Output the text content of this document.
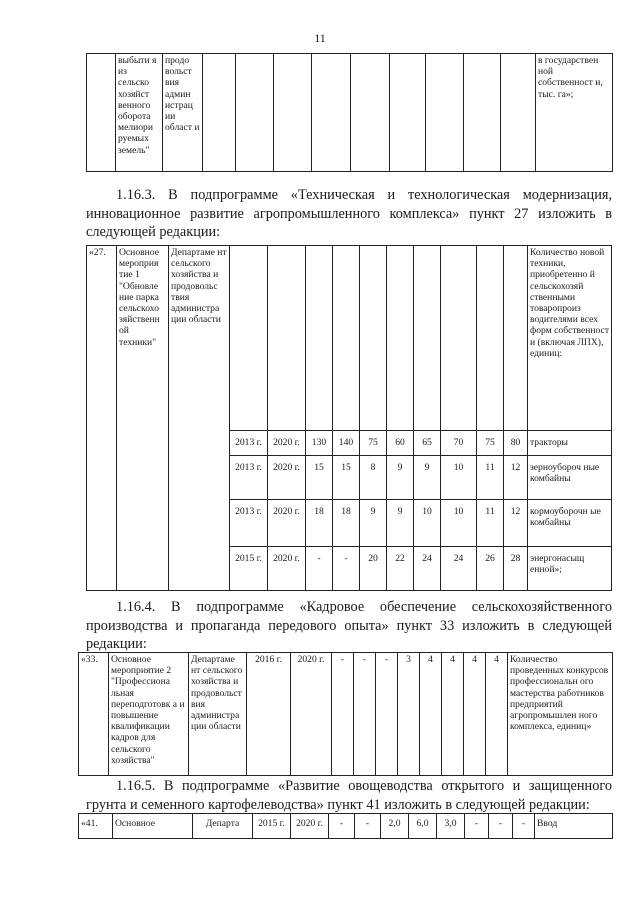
11
	выбыти я из сельско хозяйст венного оборота мелиори руемых земель"	продо вольст вия админ истрац ии област и										в государствен ной собственност и, тыс. га»;
1.16.3. В подпрограмме «Техническая и технологическая модернизация, инновационное развитие агропромышленного комплекса» пункт 27 изложить в следующей редакции:
«27.	Основное мероприя тие 1 "Обновле ние парка сельскохо зяйственн ой техники"	Департаме нт сельского хозяйства и продовольс твия администра ции области											Количество новой техники, приобретенно й сельскохозяй ственными товаропроиз водителями всех форм собственност и (включая ЛПХ), единиц:
			2013 г.	2020 г.	130	140	75	60	65	70	75	80	тракторы
			2013 г.	2020 г.	15	15	8	9	9	10	11	12	зерноубороч ные комбайны
			2013 г.	2020 г.	18	18	9	9	10	10	11	12	кормоуборочн ые комбайны
			2015 г.	2020 г.	-	-	20	22	24	24	26	28	энергонасыщ енной»;
1.16.4. В подпрограмме «Кадровое обеспечение сельскохозяйственного производства и пропаганда передового опыта» пункт 33 изложить в следующей редакции:
«33.	Основное мероприятие 2 "Профессиона льная переподготовк а и повышение квалификации кадров для сельского хозяйства"	Департаме нт сельского хозяйства и продовольствия администрации области	2016 г.	2020 г.	-	-	-	3	4	4	4	4	Количество проведенных конкурсов профессиональн ого мастерства работников предприятий агропромышлен ного комплекса, единиц»
1.16.5. В подпрограмме «Развитие овощеводства открытого и защищенного грунта и семенного картофелеводства» пункт 41 изложить в следующей редакции:
«41.	Основное	Департа	2015 г.	2020 г.	-	-	2,0	6,0	3,0	-	-	-	Ввод
